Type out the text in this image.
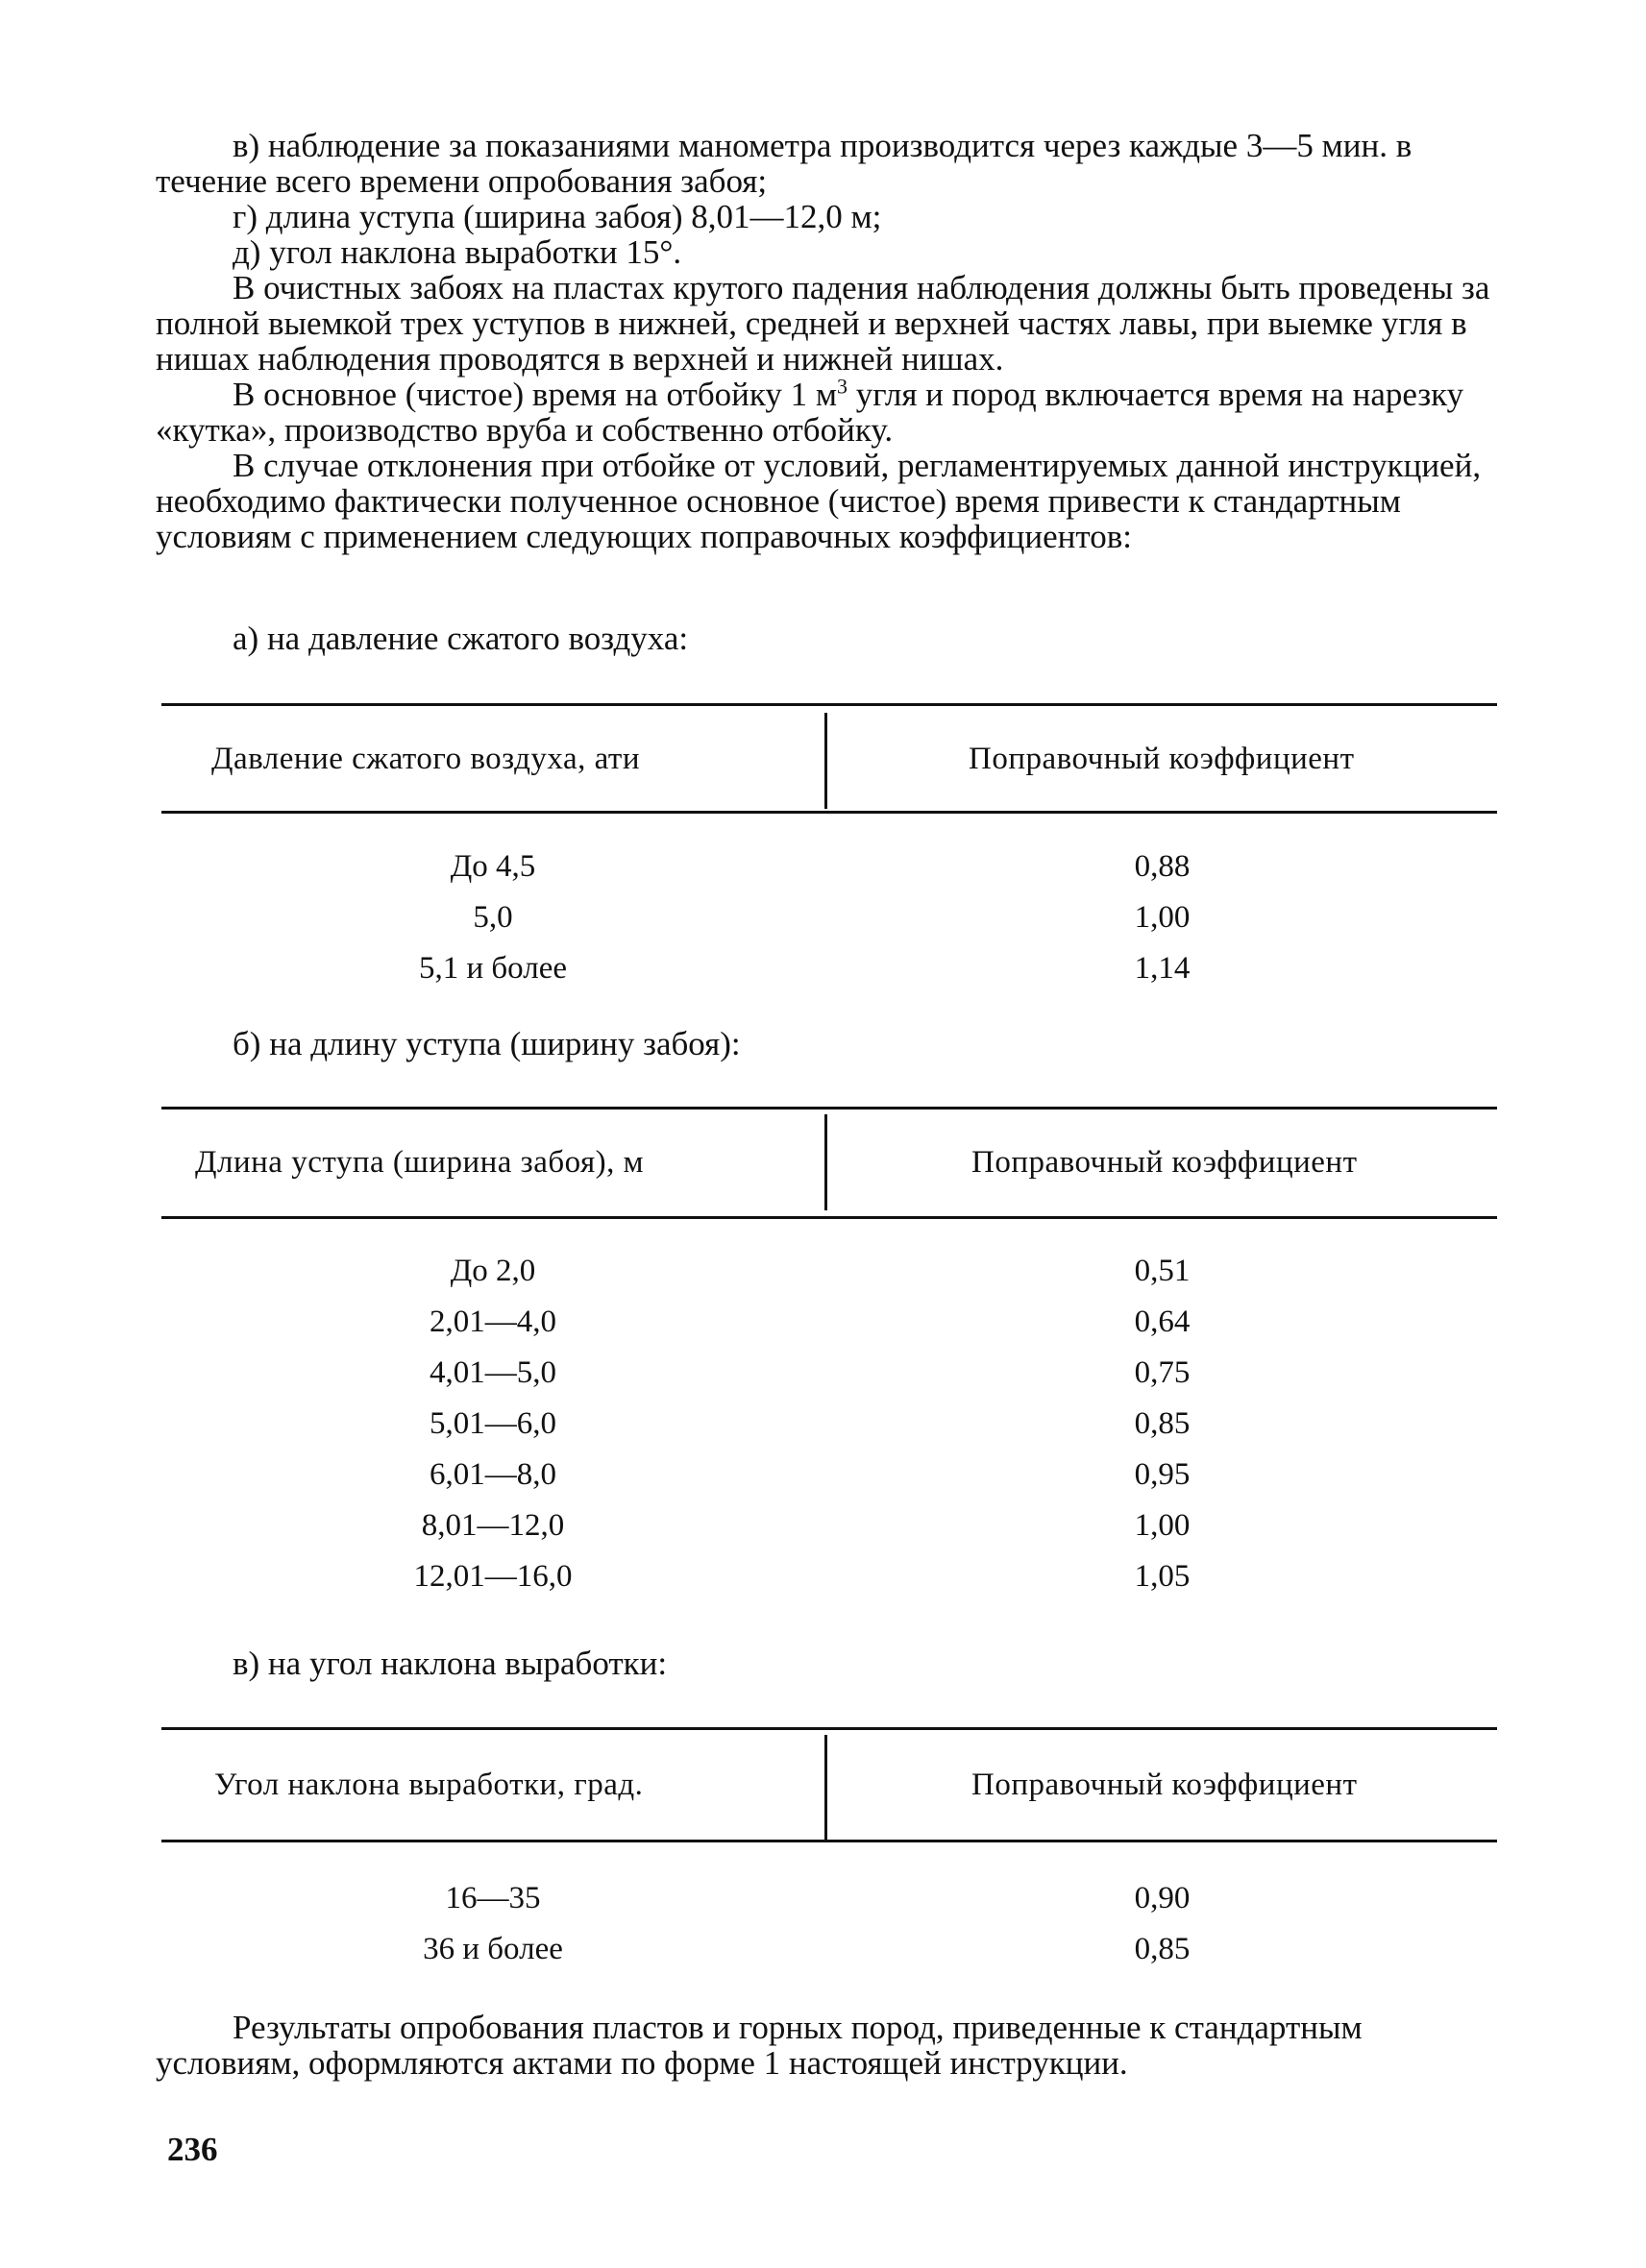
в) наблюдение за показаниями манометра производится через каждые 3—5 мин. в течение всего времени опробования забоя;

г) длина уступа (ширина забоя) 8,01—12,0 м;

д) угол наклона выработки 15°.

В очистных забоях на пластах крутого падения наблюдения должны быть проведены за полной выемкой трех уступов в нижней, средней и верхней частях лавы, при выемке угля в нишах наблюдения проводятся в верхней и нижней нишах.

В основное (чистое) время на отбойку 1 $м^3$ угля и пород включается время на нарезку «кутка», производство вруба и собственно отбойку.

В случае отклонения при отбойке от условий, регламентируемых данной инструкцией, необходимо фактически полученное основное (чистое) время привести к стандартным условиям с применением следующих поправочных коэффициентов:

а) на давление сжатого воздуха:
Давление сжатого воздуха, ати	Поправочный коэффициент
До 4,5	0,88
5,0	1,00
5,1 и более	1,14
б) на длину уступа (ширину забоя):
Длина уступа (ширина забоя), м	Поправочный коэффициент
До 2,0	0,51
2,01—4,0	0,64
4,01—5,0	0,75
5,01—6,0	0,85
6,01—8,0	0,95
8,01—12,0	1,00
12,01—16,0	1,05
в) на угол наклона выработки:
Угол наклона выработки, град.	Поправочный коэффициент
16—35	0,90
36 и более	0,85

Результаты опробования пластов и горных пород, приведенные к стандартным условиям, оформляются актами по форме 1 настоящей инструкции.

236
